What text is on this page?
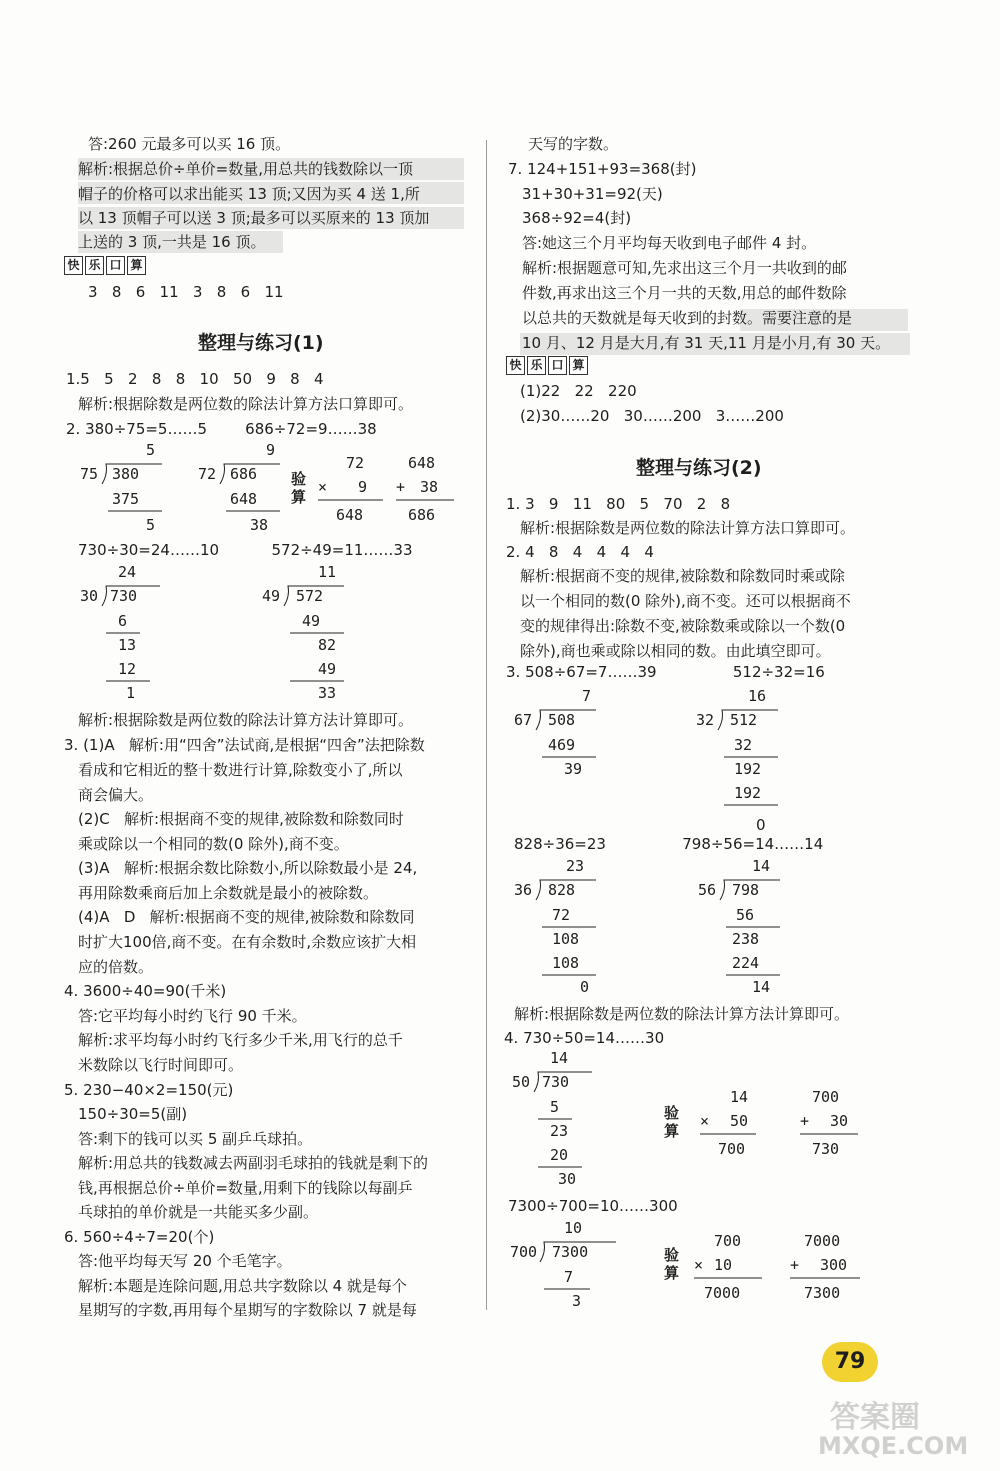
答:260 元最多可以买 16 顶。
解析:根据总价÷单价=数量,用总共的钱数除以一顶
帽子的价格可以求出能买 13 顶;又因为买 4 送 1,所
以 13 顶帽子可以送 3 顶;最多可以买原来的 13 顶加
上送的 3 顶,一共是 16 顶。
快 乐 口 算
3   8   6   11   3   8   6   11
整理与练习(1)
1.5   5   2   8   8   10   50   9   8   4
解析:根据除数是两位数的除法计算方法口算即可。
2. 380÷75=5……5        686÷72=9……38
5
75 380
375
5
9
72 686
648
38
验算
72
× 9
648
648
+ 38
686
730÷30=24……10           572÷49=11……33
24
30 730
6
13
12
1
11
49 572
49
82
49
33
解析:根据除数是两位数的除法计算方法计算即可。
3. (1)A   解析:用“四舍”法试商,是根据“四舍”法把除数
看成和它相近的整十数进行计算,除数变小了,所以
商会偏大。
(2)C   解析:根据商不变的规律,被除数和除数同时
乘或除以一个相同的数(0 除外),商不变。
(3)A   解析:根据余数比除数小,所以除数最小是 24,
再用除数乘商后加上余数就是最小的被除数。
(4)A   D   解析:根据商不变的规律,被除数和除数同
时扩大100倍,商不变。在有余数时,余数应该扩大相
应的倍数。
4. 3600÷40=90(千米)
答:它平均每小时约飞行 90 千米。
解析:求平均每小时约飞行多少千米,用飞行的总千
米数除以飞行时间即可。
5. 230−40×2=150(元)
150÷30=5(副)
答:剩下的钱可以买 5 副乒乓球拍。
解析:用总共的钱数减去两副羽毛球拍的钱就是剩下的
钱,再根据总价÷单价=数量,用剩下的钱除以每副乒
乓球拍的单价就是一共能买多少副。
6. 560÷4÷7=20(个)
答:他平均每天写 20 个毛笔字。
解析:本题是连除问题,用总共字数除以 4 就是每个
星期写的字数,再用每个星期写的字数除以 7 就是每
天写的字数。
7. 124+151+93=368(封)
31+30+31=92(天)
368÷92=4(封)
答:她这三个月平均每天收到电子邮件 4 封。
解析:根据题意可知,先求出这三个月一共收到的邮
件数,再求出这三个月一共的天数,用总的邮件数除
以总共的天数就是每天收到的封数。需要注意的是
10 月、12 月是大月,有 31 天,11 月是小月,有 30 天。
快 乐 口 算
(1)22   22   220
(2)30……20   30……200   3……200
整理与练习(2)
1. 3   9   11   80   5   70   2   8
解析:根据除数是两位数的除法计算方法口算即可。
2. 4   8   4   4   4   4
解析:根据商不变的规律,被除数和除数同时乘或除
以一个相同的数(0 除外),商不变。还可以根据商不
变的规律得出:除数不变,被除数乘或除以一个数(0
除外),商也乘或除以相同的数。由此填空即可。
3. 508÷67=7……39                512÷32=16
7
67 508
469
39
16
32 512
32
192
192
0
828÷36=23                798÷56=14……14
23
36 828
72
108
108
0
14
56 798
56
238
224
14
解析:根据除数是两位数的除法计算方法计算即可。
4. 730÷50=14……30
14
50 730
5
23
20
30
验算
14
× 50
700
700
+ 30
730
7300÷700=10……300
10
700 7300
7
3
验算
700
× 10
7000
7000
+ 300
7300
79
答案圈
MXQE.COM
